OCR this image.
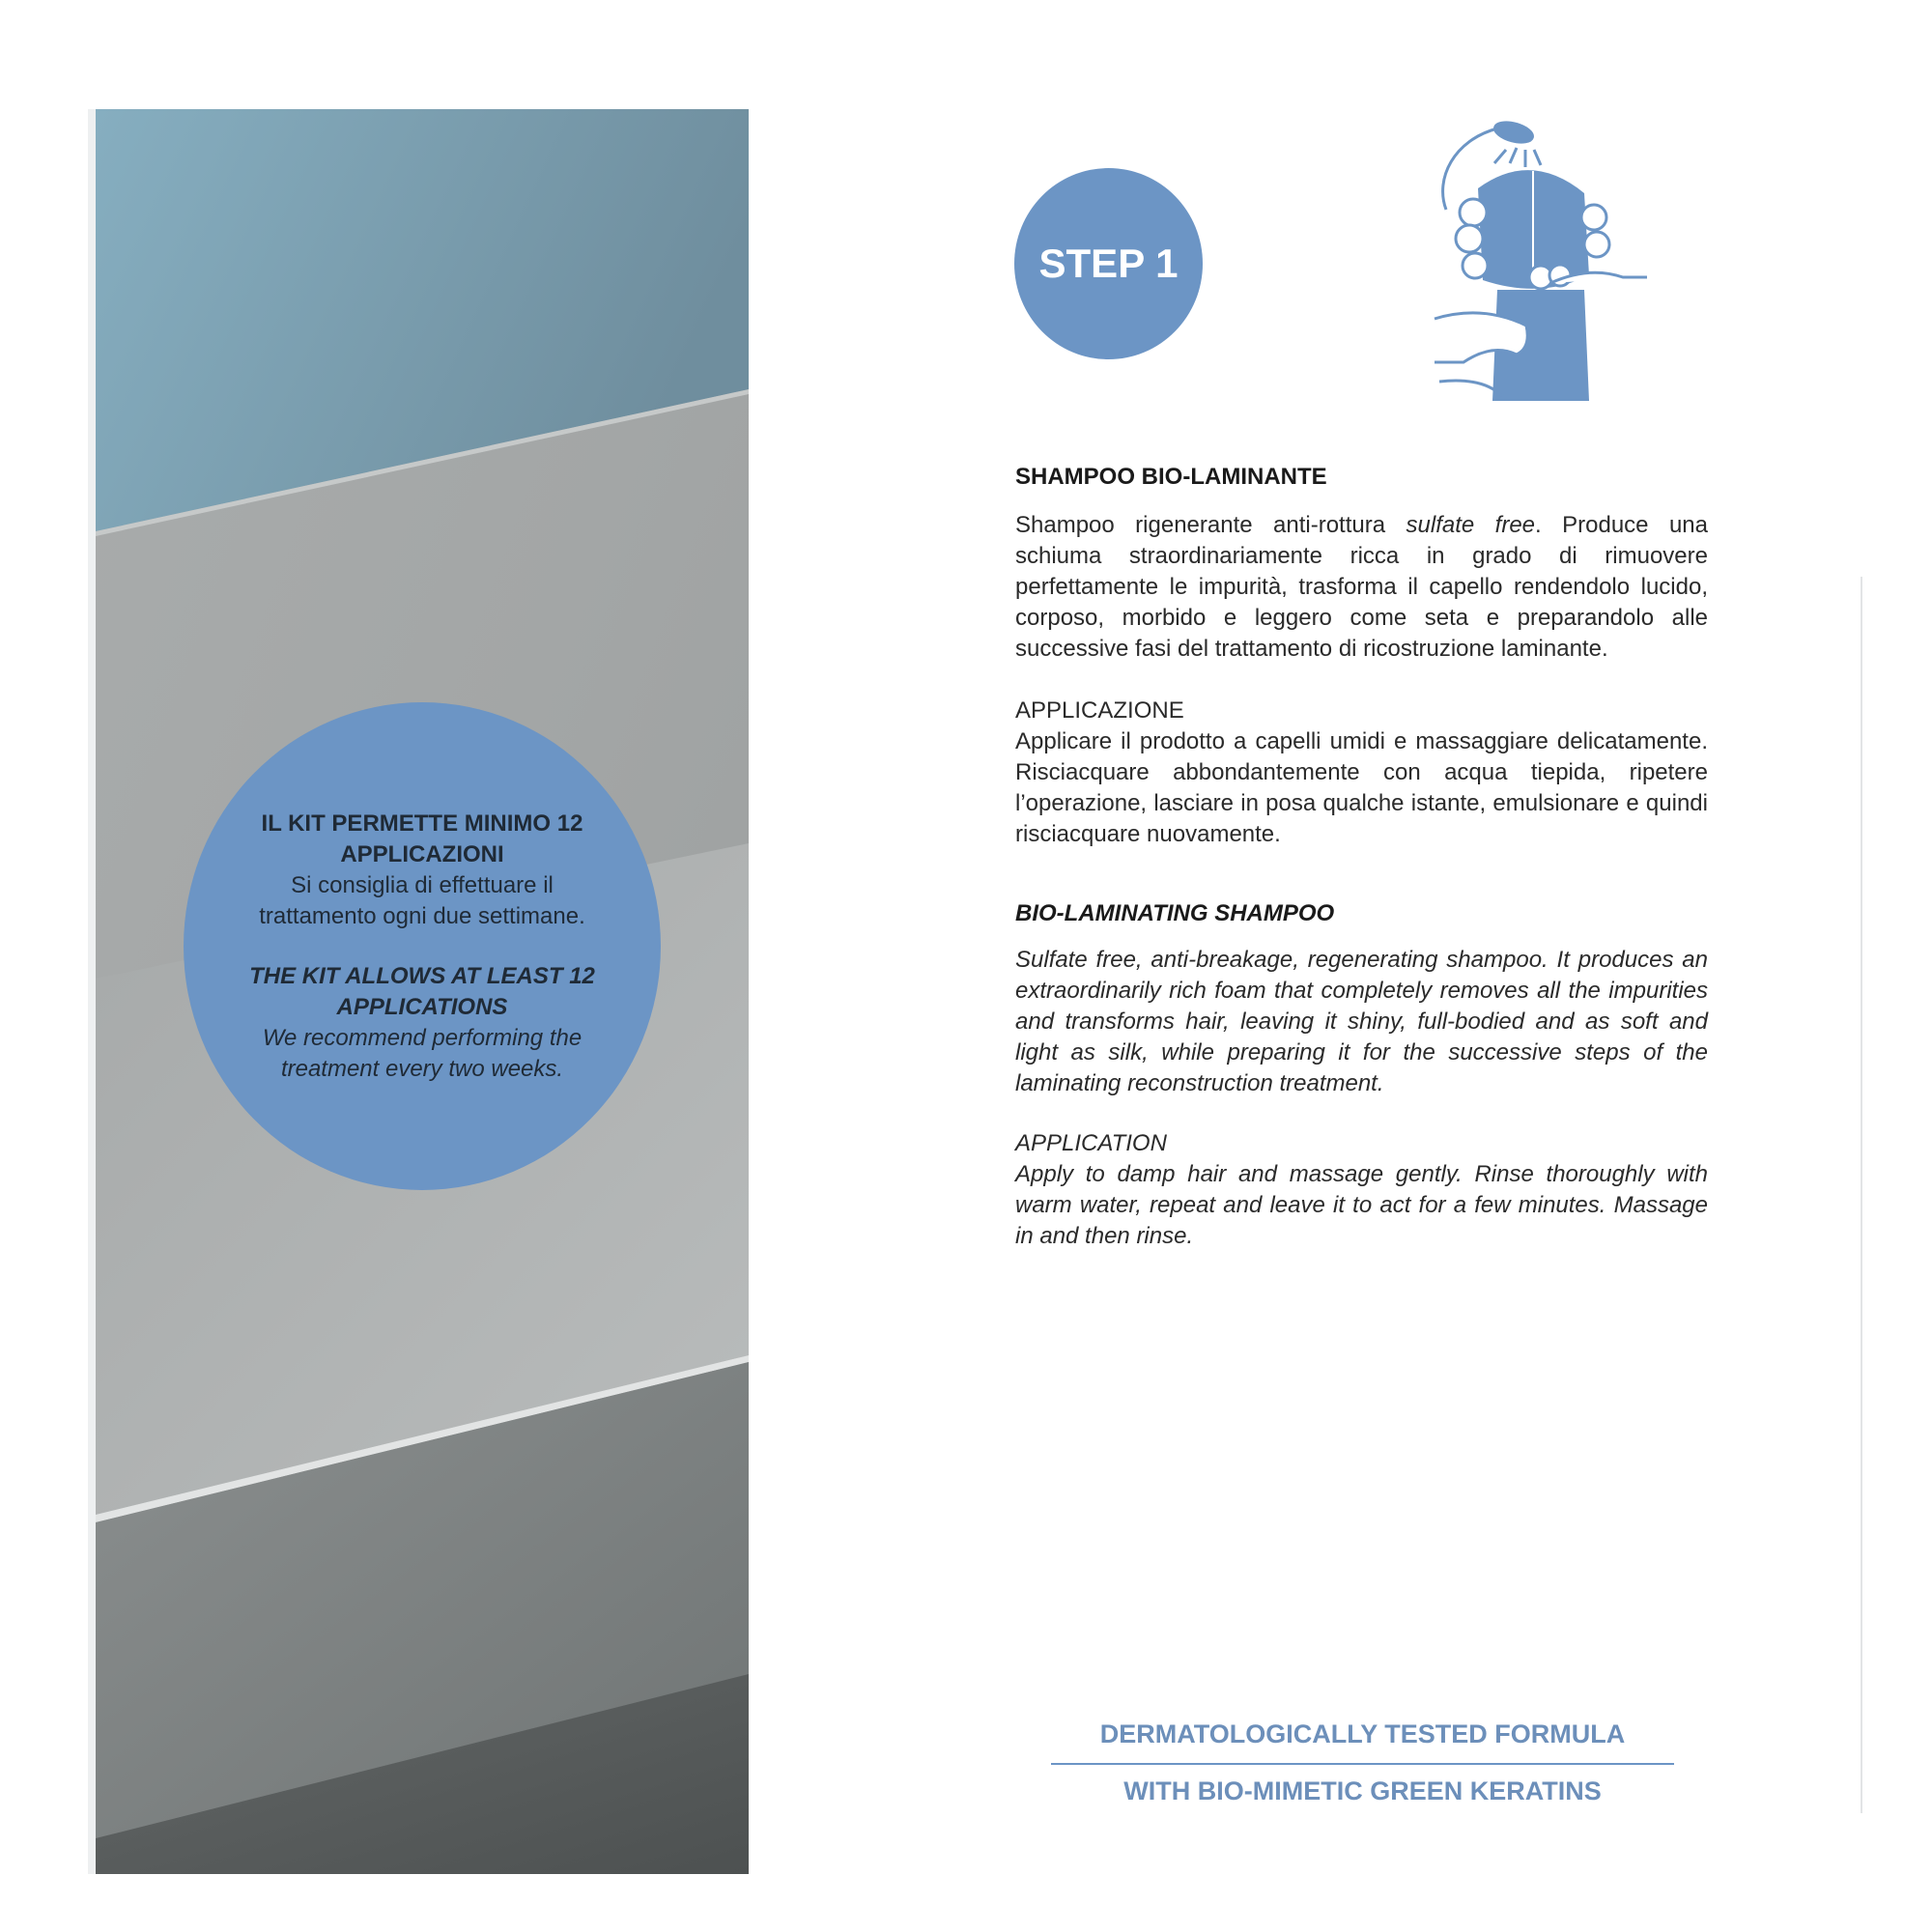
IL KIT PERMETTE MINIMO 12 APPLICAZIONI

Si consiglia di effettuare il trattamento ogni due settimane.

THE KIT ALLOWS AT LEAST 12 APPLICATIONS

We recommend performing the treatment every two weeks.

STEP 1
SHAMPOO BIO-LAMINANTE

Shampoo rigenerante anti-rottura sulfate free. Produce una schiuma straordinariamente ricca in grado di rimuovere perfettamente le impurità, trasforma il capello rendendolo lucido, corposo, morbido e leggero come seta e preparandolo alle successive fasi del trattamento di ricostruzione laminante.

APPLICAZIONE

Applicare il prodotto a capelli umidi e massaggiare delicatamente. Risciacquare abbondantemente con acqua tiepida, ripetere l’operazione, lasciare in posa qualche istante, emulsionare e quindi risciacquare nuovamente.

BIO-LAMINATING SHAMPOO

Sulfate free, anti-breakage, regenerating shampoo. It produces an extraordinarily rich foam that completely removes all the impurities and transforms hair, leaving it shiny, full-bodied and as soft and light as silk, while preparing it for the successive steps of the laminating reconstruction treatment.

APPLICATION

Apply to damp hair and massage gently. Rinse thoroughly with warm water, repeat and leave it to act for a few minutes. Massage in and then rinse.

DERMATOLOGICALLY TESTED FORMULA
WITH BIO-MIMETIC GREEN KERATINS
